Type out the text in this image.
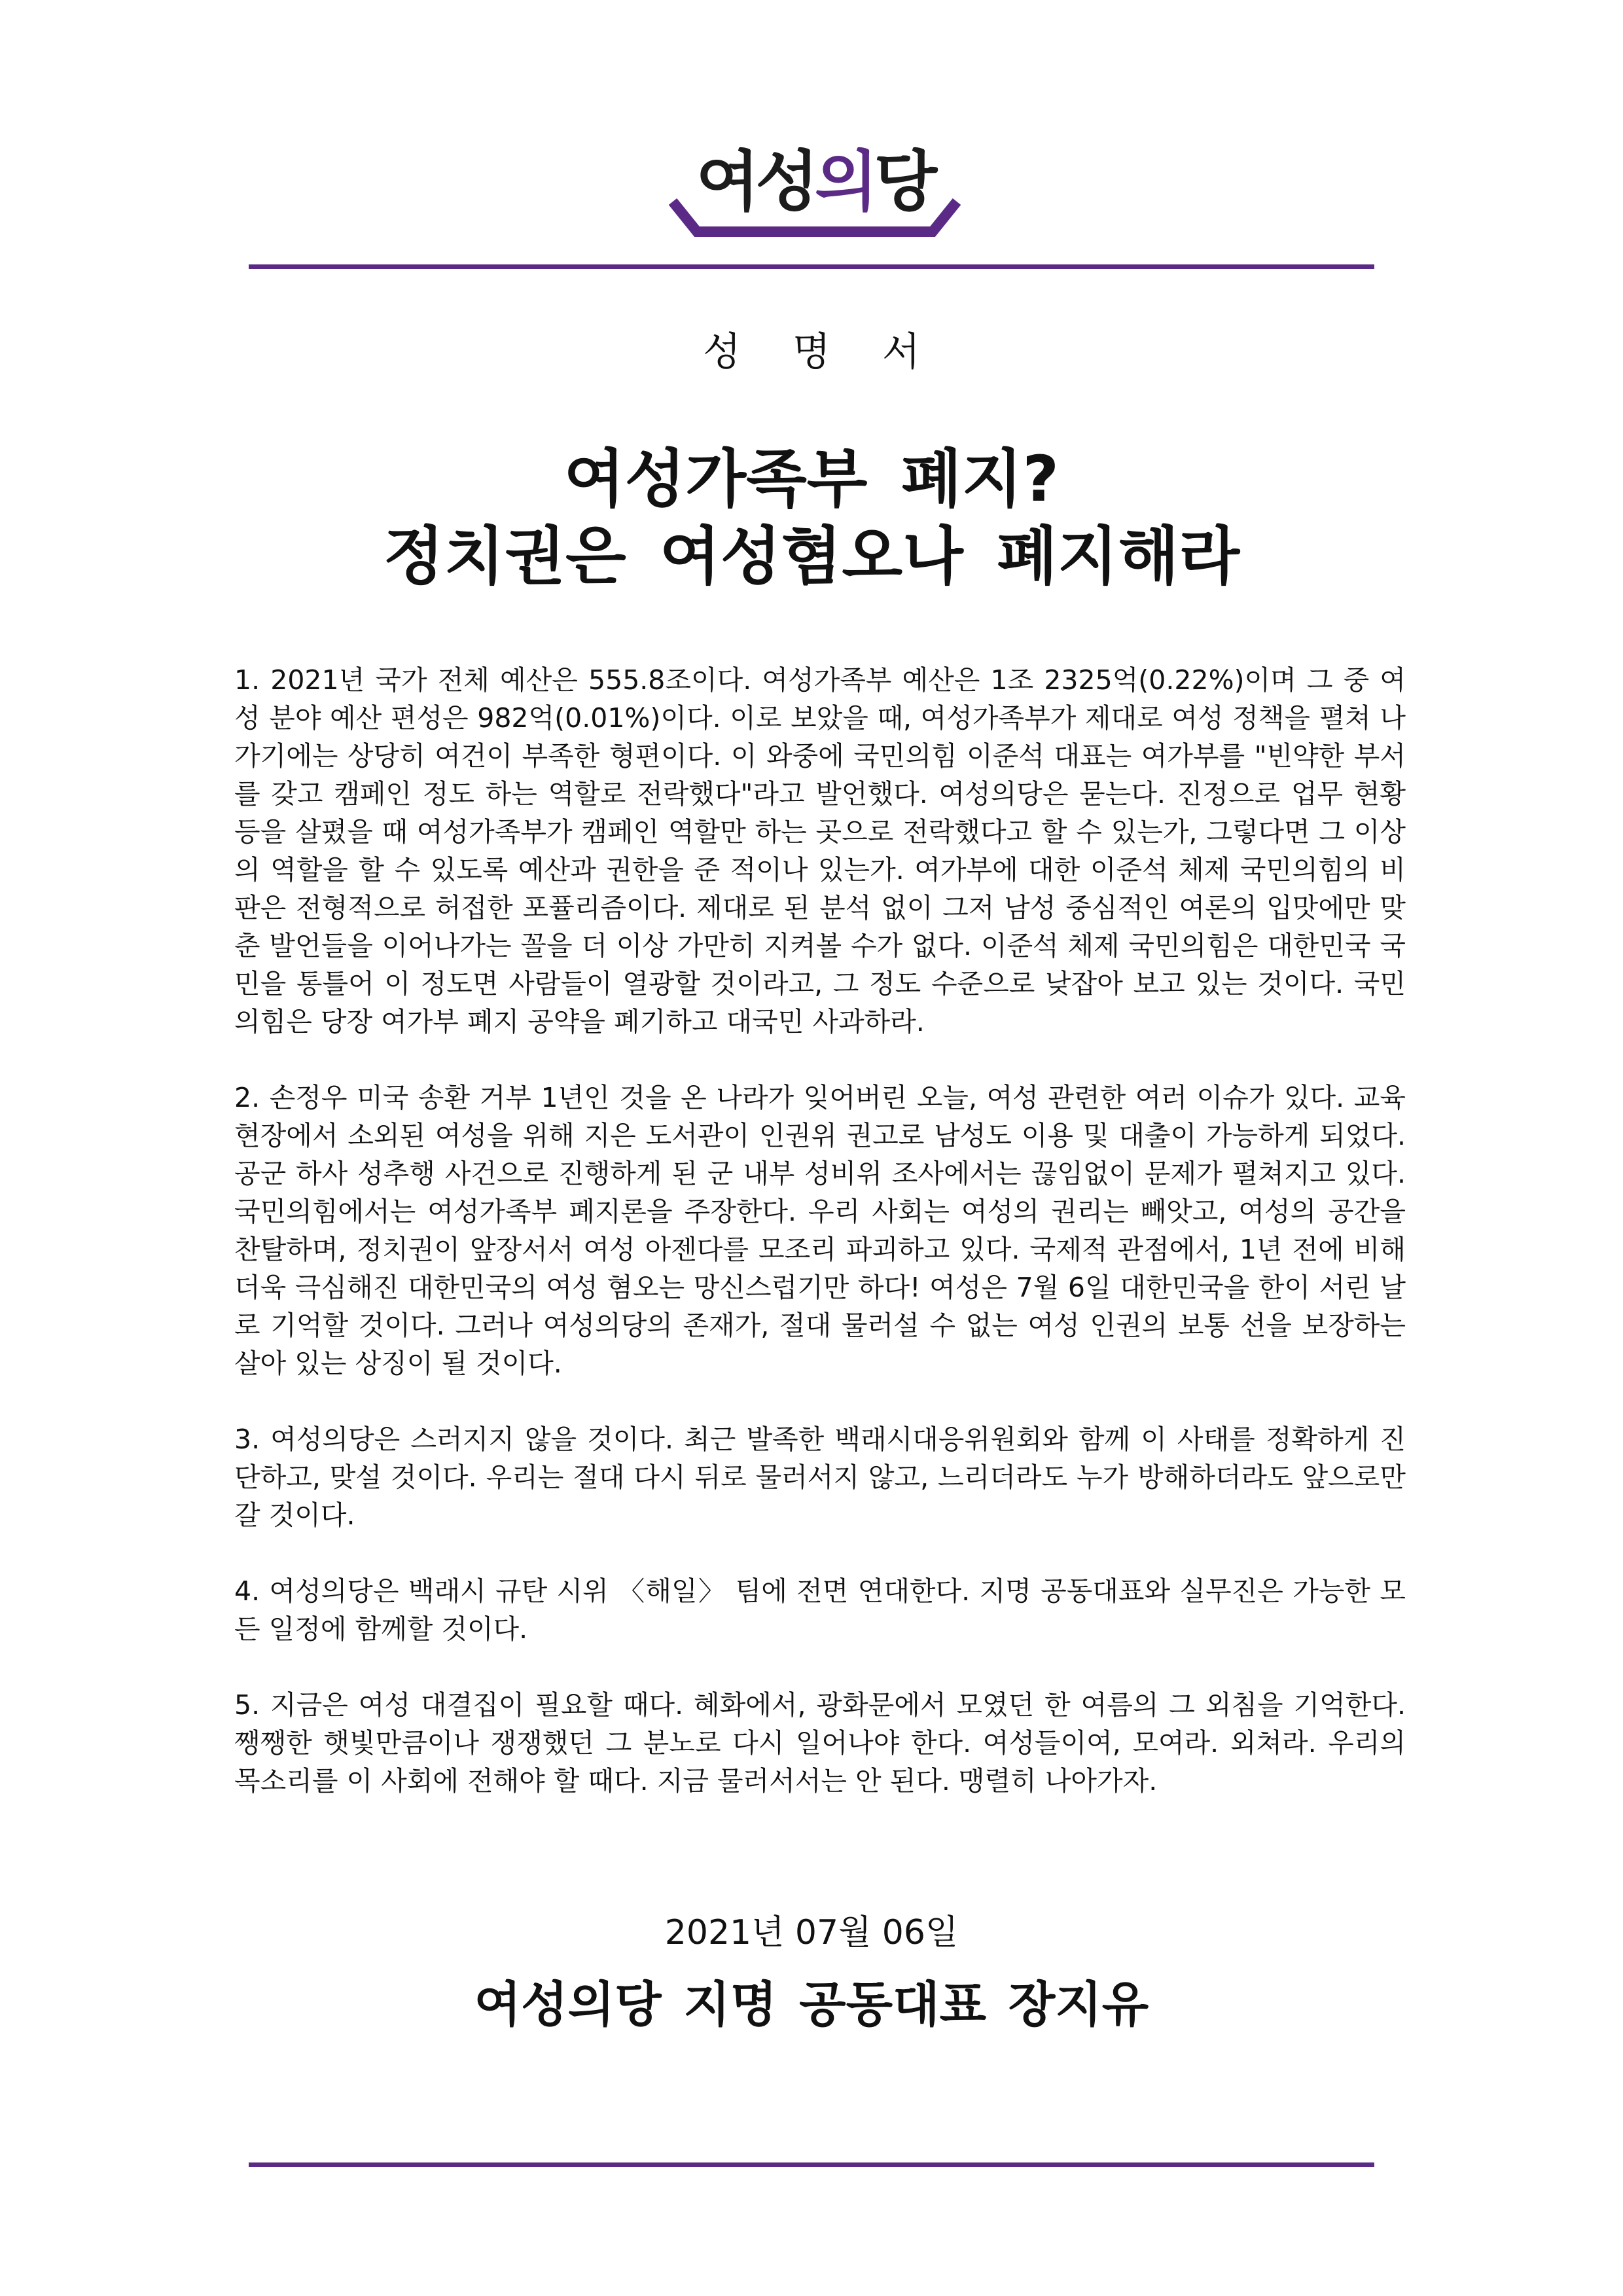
여성의당
성 명 서
여성가족부 폐지?
정치권은 여성혐오나 폐지해라

1. 2021년 국가 전체 예산은 555.8조이다. 여성가족부 예산은 1조 2325억(0.22%)이며 그 중 여성 분야 예산 편성은 982억(0.01%)이다. 이로 보았을 때, 여성가족부가 제대로 여성 정책을 펼쳐 나가기에는 상당히 여건이 부족한 형편이다. 이 와중에 국민의힘 이준석 대표는 여가부를 "빈약한 부서를 갖고 캠페인 정도 하는 역할로 전락했다"라고 발언했다. 여성의당은 묻는다. 진정으로 업무 현황 등을 살폈을 때 여성가족부가 캠페인 역할만 하는 곳으로 전락했다고 할 수 있는가, 그렇다면 그 이상의 역할을 할 수 있도록 예산과 권한을 준 적이나 있는가. 여가부에 대한 이준석 체제 국민의힘의 비판은 전형적으로 허접한 포퓰리즘이다. 제대로 된 분석 없이 그저 남성 중심적인 여론의 입맛에만 맞춘 발언들을 이어나가는 꼴을 더 이상 가만히 지켜볼 수가 없다. 이준석 체제 국민의힘은 대한민국 국민을 통틀어 이 정도면 사람들이 열광할 것이라고, 그 정도 수준으로 낮잡아 보고 있는 것이다. 국민의힘은 당장 여가부 폐지 공약을 폐기하고 대국민 사과하라.

2. 손정우 미국 송환 거부 1년인 것을 온 나라가 잊어버린 오늘, 여성 관련한 여러 이슈가 있다. 교육 현장에서 소외된 여성을 위해 지은 도서관이 인권위 권고로 남성도 이용 및 대출이 가능하게 되었다. 공군 하사 성추행 사건으로 진행하게 된 군 내부 성비위 조사에서는 끊임없이 문제가 펼쳐지고 있다. 국민의힘에서는 여성가족부 폐지론을 주장한다. 우리 사회는 여성의 권리는 빼앗고, 여성의 공간을 찬탈하며, 정치권이 앞장서서 여성 아젠다를 모조리 파괴하고 있다. 국제적 관점에서, 1년 전에 비해 더욱 극심해진 대한민국의 여성 혐오는 망신스럽기만 하다! 여성은 7월 6일 대한민국을 한이 서린 날로 기억할 것이다. 그러나 여성의당의 존재가, 절대 물러설 수 없는 여성 인권의 보통 선을 보장하는 살아 있는 상징이 될 것이다.

3. 여성의당은 스러지지 않을 것이다. 최근 발족한 백래시대응위원회와 함께 이 사태를 정확하게 진단하고, 맞설 것이다. 우리는 절대 다시 뒤로 물러서지 않고, 느리더라도 누가 방해하더라도 앞으로만 갈 것이다.

4. 여성의당은 백래시 규탄 시위 〈해일〉 팀에 전면 연대한다. 지명 공동대표와 실무진은 가능한 모든 일정에 함께할 것이다.

5. 지금은 여성 대결집이 필요할 때다. 혜화에서, 광화문에서 모였던 한 여름의 그 외침을 기억한다. 쨍쨍한 햇빛만큼이나 쟁쟁했던 그 분노로 다시 일어나야 한다. 여성들이여, 모여라. 외쳐라. 우리의 목소리를 이 사회에 전해야 할 때다. 지금 물러서서는 안 된다. 맹렬히 나아가자.

2021년 07월 06일
여성의당 지명 공동대표 장지유
